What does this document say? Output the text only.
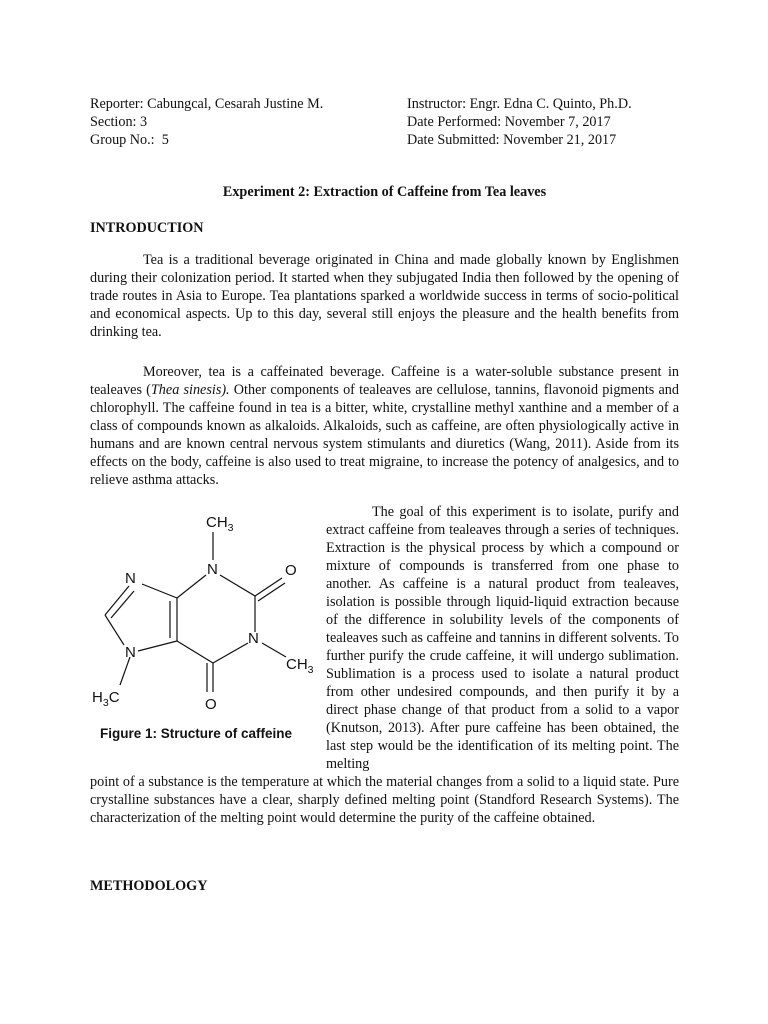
Reporter: Cabungcal, Cesarah Justine M.
Section: 3
Group No.:  5
Instructor: Engr. Edna C. Quinto, Ph.D.
Date Performed: November 7, 2017
Date Submitted: November 21, 2017
Experiment 2: Extraction of Caffeine from Tea leaves
INTRODUCTION

Tea is a traditional beverage originated in China and made globally known by Englishmen during their colonization period. It started when they subjugated India then followed by the opening of trade routes in Asia to Europe. Tea plantations sparked a worldwide success in terms of socio-political and economical aspects. Up to this day, several still enjoys the pleasure and the health benefits from drinking tea.

Moreover, tea is a caffeinated beverage. Caffeine is a water-soluble substance present in tealeaves (Thea sinesis). Other components of tealeaves are cellulose, tannins, flavonoid pigments and chlorophyll. The caffeine found in tea is a bitter, white, crystalline methyl xanthine and a member of a class of compounds known as alkaloids. Alkaloids, such as caffeine, are often physiologically active in humans and are known central nervous system stimulants and diuretics (Wang, 2011). Aside from its effects on the body, caffeine is also used to treat migraine, to increase the potency of analgesics, and to relieve asthma attacks.

The goal of this experiment is to isolate, purify and extract caffeine from tealeaves through a series of techniques. Extraction is the physical process by which a compound or mixture of compounds is transferred from one phase to another. As caffeine is a natural product from tealeaves, isolation is possible through liquid-liquid extraction because of the difference in solubility levels of the components of tealeaves such as caffeine and tannins in different solvents. To further purify the crude caffeine, it will undergo sublimation. Sublimation is a process used to isolate a natural product from other undesired compounds, and then purify it by a direct phase change of that product from a solid to a vapor (Knutson, 2013). After pure caffeine has been obtained, the last step would be the identification of its melting point. The melting

point of a substance is the temperature at which the material changes from a solid to a liquid state. Pure crystalline substances have a clear, sharply defined melting point (Standford Research Systems). The characterization of the melting point would determine the purity of the caffeine obtained.

METHODOLOGY
$CH_3$
N	O
N
N
N
$CH_3$
$H_3C$	O
Figure 1: Structure of caffeine
